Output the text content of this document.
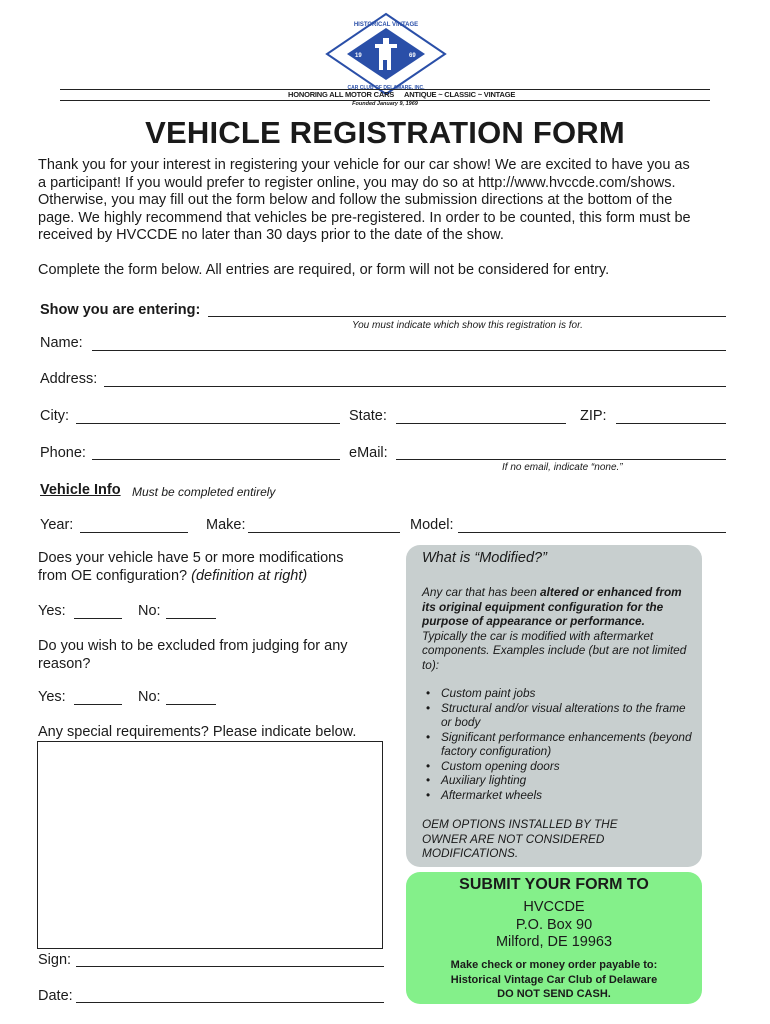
19	69
HISTORICAL VINTAGE
CAR CLUB OF DELAWARE, INC.
HONORING ALL MOTOR CARS ANTIQUE ~ CLASSIC ~ VINTAGE
Founded January 9, 1969
VEHICLE REGISTRATION FORM
Thank you for your interest in registering your vehicle for our car show! We are excited to have you as
a participant! If you would prefer to register online, you may do so at http://www.hvccde.com/shows.
Otherwise, you may fill out the form below and follow the submission directions at the bottom of the
page. We highly recommend that vehicles be pre-registered. In order to be counted, this form must be
received by HVCCDE no later than 30 days prior to the date of the show.
Complete the form below. All entries are required, or form will not be considered for entry.
Show you are entering:
You must indicate which show this registration is for.
Name:
Address:
City:	State:	ZIP:
Phone:	eMail:
If no email, indicate “none.”
Vehicle Info Must be completed entirely
Year:	Make:	Model:
Does your vehicle have 5 or more modifications
from OE configuration? (definition at right)
Yes:	No:
Do you wish to be excluded from judging for any
reason?
Yes:	No:
Any special requirements? Please indicate below.
Sign:
Date:
What is “Modified?”
Any car that has been altered or enhanced from its original equipment configuration for the purpose of appearance or performance. Typically the car is modified with aftermarket components. Examples include (but are not limited to):
• Custom paint jobs
• Structural and/or visual alterations to the frame or body
• Significant performance enhancements (beyond factory configuration)
• Custom opening doors
• Auxiliary lighting
• Aftermarket wheels
OEM OPTIONS INSTALLED BY THE OWNER ARE NOT CONSIDERED MODIFICATIONS.
SUBMIT YOUR FORM TO
HVCCDE
P.O. Box 90
Milford, DE 19963
Make check or money order payable to:
Historical Vintage Car Club of Delaware
DO NOT SEND CASH.
